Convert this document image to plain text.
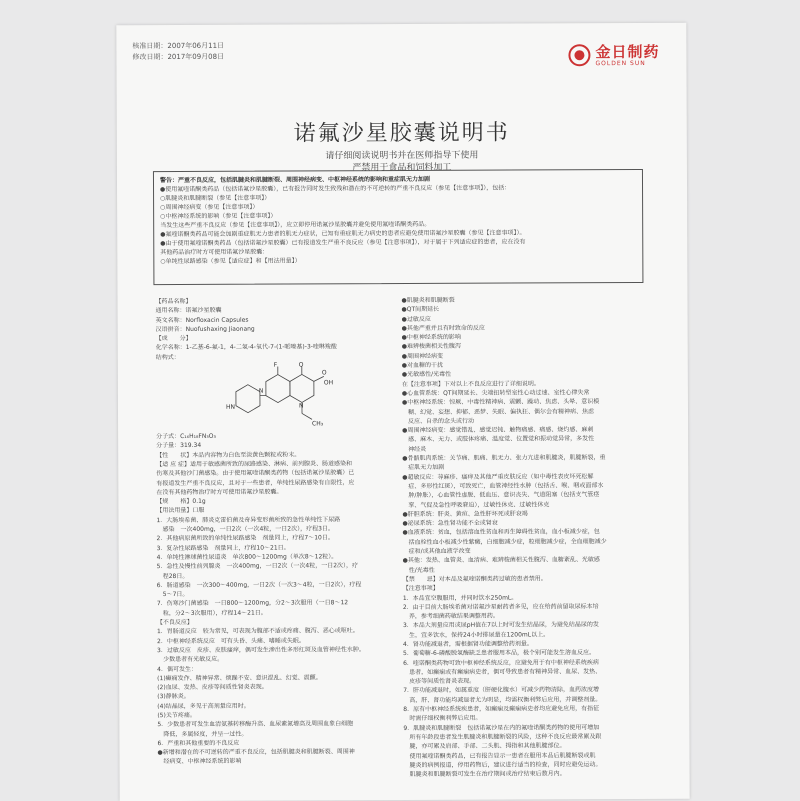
核准日期：2007年06月11日
修改日期：2017年09月08日	金日制药
GOLDEN SUN
诺氟沙星胶囊说明书
请仔细阅读说明书并在医师指导下使用
严禁用于食品和饲料加工
警告：严重不良反应，包括肌腱炎和肌腱断裂、周围神经病变、中枢神经系统的影响和重症肌无力加剧
●使用氟喹诺酮类药品（包括诺氟沙星胶囊），已有报告同时发生致残和潜在的不可逆转的严重不良反应（参见【注意事项】），包括：
○肌腱炎和肌腱断裂（参见【注意事项】）
○周围神经病变（参见【注意事项】）
○中枢神经系统的影响（参见【注意事项】）
当发生这些严重不良反应（参见【注意事项】），应立即停用诺氟沙星胶囊并避免使用氟喹诺酮类药品。
●氟喹诺酮类药品可能会加剧重症肌无力患者的肌无力症状，已知有重症肌无力病史的患者应避免使用诺氟沙星胶囊（参见【注意事项】）。
●由于使用氟喹诺酮类药品（包括诺氟沙星胶囊）已有报道发生严重不良反应（参见【注意事项】），对于属于下列适应症的患者，应在没有
其他药品治疗时方可使用诺氟沙星胶囊：
○单纯性尿路感染（参见【适应症】和【用法用量】）
【药品名称】
通用名称：诺氟沙星胶囊
英文名称：Norfloxacin Capsules
汉语拼音：Nuofushaxing Jiaonang
【成　　分】
化学名称：1-乙基-6-氟-1，4-二氢-4-氧代-7-(1-哌嗪基)-3-喹啉羧酸
结构式：
F	O
O
OH
HN
N
N
CH₃
分子式：C₁₆H₁₈FN₃O₃
分子量：319.34
【性　　状】本品内容物为白色至淡黄色颗粒或粉末。
【适 应 症】适用于敏感菌所致的尿路感染、淋病、前列腺炎、肠道感染和
伤寒及其他沙门菌感染。由于使用氟喹诺酮类药物（包括诺氟沙星胶囊）已
有报道发生严重不良反应，且对于一些患者，单纯性尿路感染有自限性，应
在没有其他药物治疗时方可使用诺氟沙星胶囊。
【规　　格】0.1g
【用法用量】口服
1．大肠埃希菌、肺炎克雷伯菌及奇异变形菌所致的急性单纯性下尿路
　感染　一次400mg，一日2次（一次4粒，一日2次），疗程3日。
2．其他病原菌所致的单纯性尿路感染　剂量同上，疗程7～10日。
3．复杂性尿路感染　剂量同上，疗程10～21日。
4．单纯性淋球菌性尿道炎　单次800～1200mg（单次8～12粒）。
5．急性及慢性前列腺炎　一次400mg，一日2次（一次4粒，一日2次），疗
　程28日。
6．肠道感染　一次300～400mg，一日2次（一次3～4粒，一日2次），疗程
　5～7日。
7．伤寒沙门菌感染　一日800～1200mg，分2～3次服用（一日8～12
　粒，分2～3次服用），疗程14～21日。
【不良反应】
1．胃肠道反应　较为常见，可表现为腹部不适或疼痛、腹泻、恶心或呕吐。
2．中枢神经系统反应　可有头昏、头痛、嗜睡或失眠。
3．过敏反应　皮疹、皮肤瘙痒，偶可发生渗出性多形红斑及血管神经性水肿。
　少数患者有光敏反应。
4．偶可发生：
(1)癫痫发作、精神异常、烦躁不安、意识混乱、幻觉、震颤。
(2)血尿、发热、皮疹等间质性肾炎表现。
(3)静脉炎。
(4)结晶尿，多见于高剂量应用时。
(5)关节疼痛。
5．少数患者可发生血清氨基转移酶升高、血尿素氮增高及周围血象白细胞
　降低，多属轻度，并呈一过性。
6．严重和其他重要的不良反应
●新增和潜在的不可逆转的严重不良反应，包括肌腱炎和肌腱断裂、周围神
　经病变、中枢神经系统的影响
●肌腱炎和肌腱断裂
●QT间期延长
●过敏反应
●其他严重并且有时致命的反应
●中枢神经系统的影响
●难辨梭菌相关性腹泻
●周围神经病变
●对血糖的干扰
●光敏感性/光毒性
在【注意事项】下对以上不良反应进行了详细说明。
●心血管系统：QT间期延长、尖端扭转型室性心动过速、室性心律失常
●中枢神经系统：惊厥、中毒性精神病、震颤、躁动、焦虑、头晕、意识模
　糊、幻觉、妄想、抑郁、恶梦、失眠、偏执狂、偶尔会有精神病、焦虑
　反应、自杀的念头或行动
●周围神经病变：感觉错乱、感觉迟钝、触物痛感、痛感、烧灼感、麻刺
　感、麻木、无力、或肢体疼痛、温度觉、位置觉和振动觉异常，多发性
　神经炎
●骨骼肌肉系统：关节痛、肌痛、肌无力、张力亢进和肌腱炎，肌腱断裂，重
　症肌无力加剧
●超敏反应：荨麻疹、瘙痒及其他严重皮肤反应（如中毒性表皮坏死松解
　症、多形性红斑），可致死亡，血管神经性水肿（包括舌、喉、咽或面部水
　肿/肿胀），心血管性虚脱、低血压、意识丧失、气道阻塞（包括支气管痉
　挛、气促及急性呼吸窘迫），过敏性休克、过敏性休克
●肝胆系统：肝炎、黄疸、急性肝坏死或肝衰竭
●泌尿系统：急性肾功能不全或肾衰
●血液系统：贫血，包括溶血性贫血和再生障碍性贫血，血小板减少症，包
　括血栓性血小板减少性紫癜，白细胞减少症，粒细胞减少症，全血细胞减少
　症和/或其他血液学改变
●其他：发热、血管炎、血清病、难辨梭菌相关性腹泻、血糖紊乱、光敏感
　性/光毒性
【禁　　忌】对本品及氟喹诺酮类药过敏的患者禁用。
【注意事项】
1．本品宜空腹服用，并同时饮水250mL。
2．由于目前大肠埃希菌对诺氟沙星耐药者多见，应在给药前留取尿标本培
　养，参考细菌药敏结果调整用药。
3．本品大剂量应用或尿pH值在7以上时可发生结晶尿，为避免结晶尿的发
　生，宜多饮水，保持24小时排尿量在1200mL以上。
4．肾功能减退者，需根据肾功能调整给药剂量。
5．葡萄糖-6-磷酸脱氢酶缺乏患者服用本品，极个别可能发生溶血反应。
6．喹诺酮类药物可致中枢神经系统反应，应避免用于有中枢神经系统疾病
　患者，如癫痫或有癫痫病史者，偶可导致患者有精神异常、血尿、发热、
　皮疹等间质性肾炎表现。
7．肝功能减退时，如属重度（肝硬化腹水）可减少药物清除，血药浓度增
　高，肝、肾功能均减退者尤为明显，均需权衡利弊后应用，并调整剂量。
8．原有中枢神经系统疾患者，如癫痫及癫痫病史者均应避免应用，有指征
　时需仔细权衡利弊后应用。
9．肌腱炎和肌腱断裂　包括诺氟沙星在内的氟喹诺酮类药物的使用可增加
　所有年龄段患者发生肌腱炎和肌腱断裂的风险，这种不良反应最常累及跟
　腱，亦可累及肩部、手部、二头肌、拇指和其他肌腱部位。
　使用氟喹诺酮类药品，已有报告显示一患者在服用本品后肌腱断裂或肌
　腱炎的病例报道，停用药物后，建议进行适当的检查，同时应避免运动。
　肌腱炎和肌腱断裂可发生在治疗期间或治疗结束后数月内。
